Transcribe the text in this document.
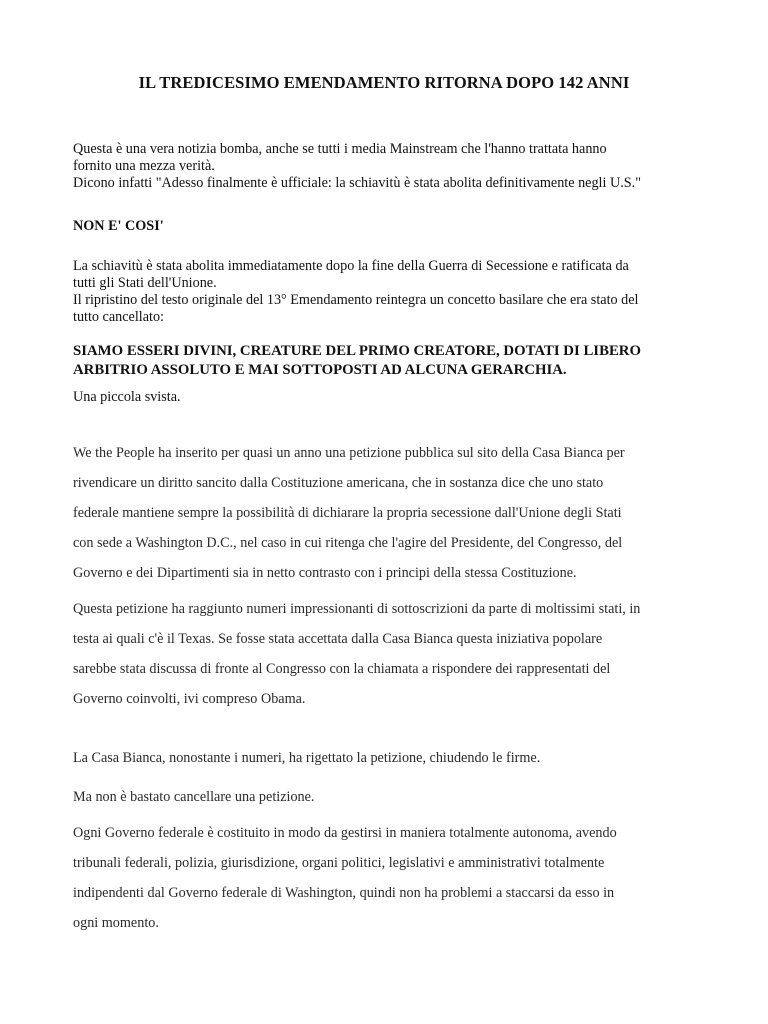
IL TREDICESIMO EMENDAMENTO RITORNA DOPO 142 ANNI
Questa è una vera notizia bomba, anche se tutti i media Mainstream che l'hanno trattata hanno
fornito una mezza verità.
Dicono infatti "Adesso finalmente è ufficiale: la schiavitù è stata abolita definitivamente negli U.S."
NON E' COSI'
La schiavitù è stata abolita immediatamente dopo la fine della Guerra di Secessione e ratificata da
tutti gli Stati dell'Unione.
Il ripristino del testo originale del 13° Emendamento reintegra un concetto basilare che era stato del
tutto cancellato:
SIAMO ESSERI DIVINI, CREATURE DEL PRIMO CREATORE, DOTATI DI LIBERO
ARBITRIO ASSOLUTO E MAI SOTTOPOSTI AD ALCUNA GERARCHIA.
Una piccola svista.
We the People ha inserito per quasi un anno una petizione pubblica sul sito della Casa Bianca per
rivendicare un diritto sancito dalla Costituzione americana, che in sostanza dice che uno stato
federale mantiene sempre la possibilità di dichiarare la propria secessione dall'Unione degli Stati
con sede a Washington D.C., nel caso in cui ritenga che l'agire del Presidente, del Congresso, del
Governo e dei Dipartimenti sia in netto contrasto con i principi della stessa Costituzione.
Questa petizione ha raggiunto numeri impressionanti di sottoscrizioni da parte di moltissimi stati, in
testa ai quali c'è il Texas. Se fosse stata accettata dalla Casa Bianca questa iniziativa popolare
sarebbe stata discussa di fronte al Congresso con la chiamata a rispondere dei rappresentati del
Governo coinvolti, ivi compreso Obama.
La Casa Bianca, nonostante i numeri, ha rigettato la petizione, chiudendo le firme.
Ma non è bastato cancellare una petizione.
Ogni Governo federale è costituito in modo da gestirsi in maniera totalmente autonoma, avendo
tribunali federali, polizia, giurisdizione, organi politici, legislativi e amministrativi totalmente
indipendenti dal Governo federale di Washington, quindi non ha problemi a staccarsi da esso in
ogni momento.
